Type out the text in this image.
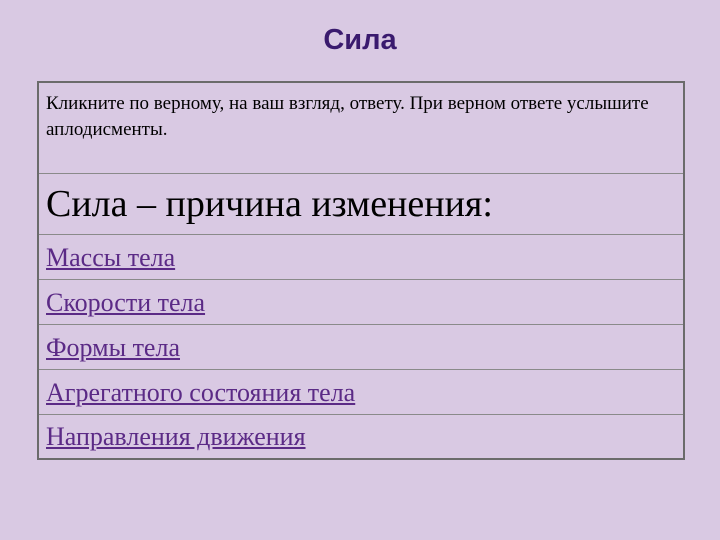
Сила
Кликните по верному, на ваш взгляд, ответу. При верном ответе услышите аплодисменты.
Сила – причина изменения:
Массы тела
Скорости тела
Формы тела
Агрегатного состояния тела
Направления движения
